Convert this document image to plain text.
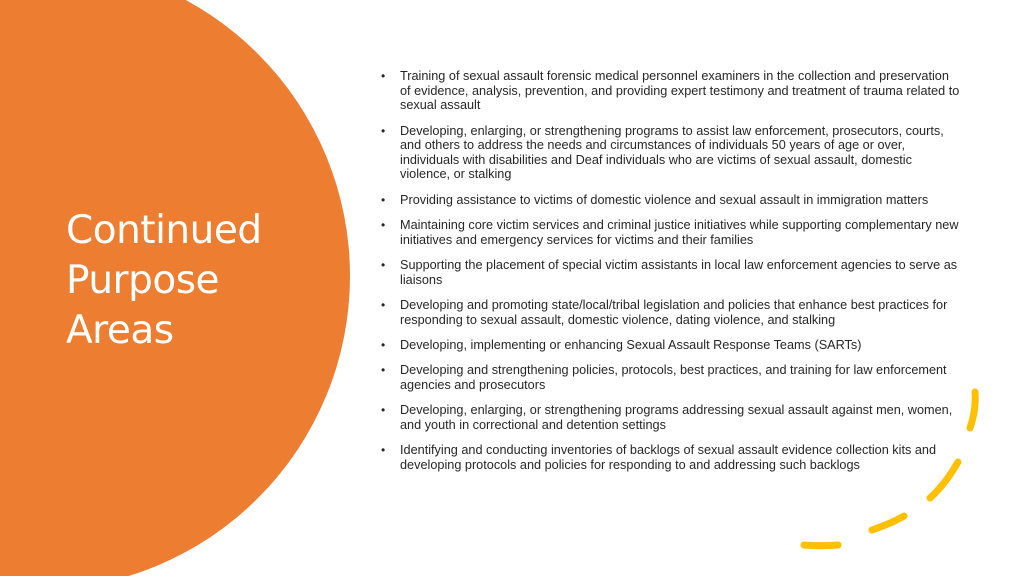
Continued
Purpose
Areas
• Training of sexual assault forensic medical personnel examiners in the collection and preservation of evidence, analysis, prevention, and providing expert testimony and treatment of trauma related to sexual assault
• Developing, enlarging, or strengthening programs to assist law enforcement, prosecutors, courts, and others to address the needs and circumstances of individuals 50 years of age or over, individuals with disabilities and Deaf individuals who are victims of sexual assault, domestic violence, or stalking
• Providing assistance to victims of domestic violence and sexual assault in immigration matters
• Maintaining core victim services and criminal justice initiatives while supporting complementary new initiatives and emergency services for victims and their families
• Supporting the placement of special victim assistants in local law enforcement agencies to serve as liaisons
• Developing and promoting state/local/tribal legislation and policies that enhance best practices for responding to sexual assault, domestic violence, dating violence, and stalking
• Developing, implementing or enhancing Sexual Assault Response Teams (SARTs)
• Developing and strengthening policies, protocols, best practices, and training for law enforcement agencies and prosecutors
• Developing, enlarging, or strengthening programs addressing sexual assault against men, women, and youth in correctional and detention settings
• Identifying and conducting inventories of backlogs of sexual assault evidence collection kits and developing protocols and policies for responding to and addressing such backlogs
